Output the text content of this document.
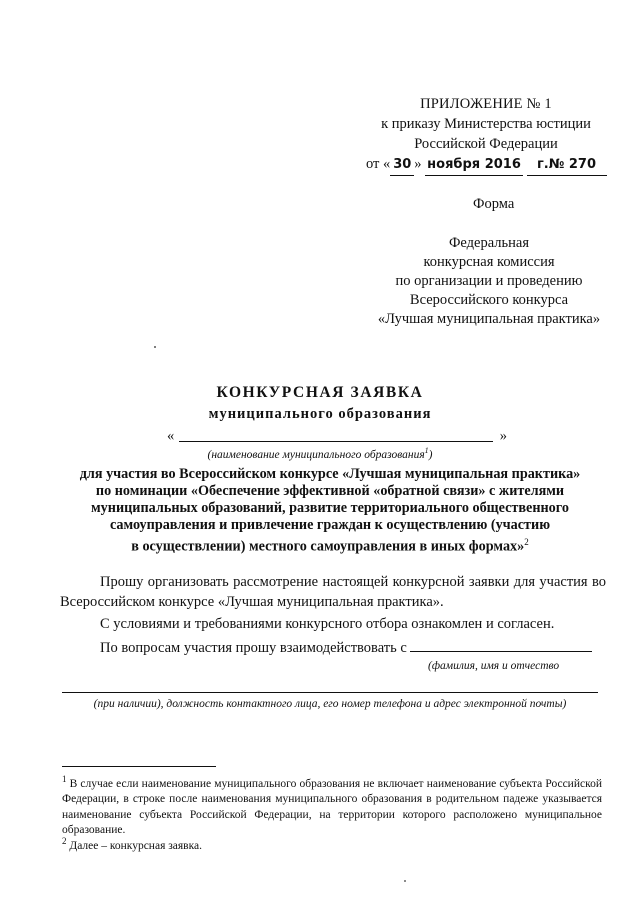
ПРИЛОЖЕНИЕ № 1
к приказу Министерства юстиции
Российской Федерации
от « 30 » ноября 2016 г.№ 270
Форма
Федеральная
конкурсная комиссия
по организации и проведению
Всероссийского конкурса
«Лучшая муниципальная практика»
КОНКУРСНАЯ ЗАЯВКА
муниципального образования
«	»
(наименование муниципального образования$^1$)
для участия во Всероссийском конкурсе «Лучшая муниципальная практика»
по номинации «Обеспечение эффективной «обратной связи» с жителями
муниципальных образований, развитие территориального общественного
самоуправления и привлечение граждан к осуществлению (участию
в осуществлении) местного самоуправления в иных формах»$^2$
Прошу организовать рассмотрение настоящей конкурсной заявки для участия во Всероссийском конкурсе «Лучшая муниципальная практика».
С условиями и требованиями конкурсного отбора ознакомлен и согласен.
По вопросам участия прошу взаимодействовать с
(фамилия, имя и отчество
(при наличии), должность контактного лица, его номер телефона и адрес электронной почты)
$^1$ В случае если наименование муниципального образования не включает наименование субъекта Российской Федерации, в строке после наименования муниципального образования в родительном падеже указывается наименование субъекта Российской Федерации, на территории которого расположено муниципальное образование.
$^2$ Далее – конкурсная заявка.
